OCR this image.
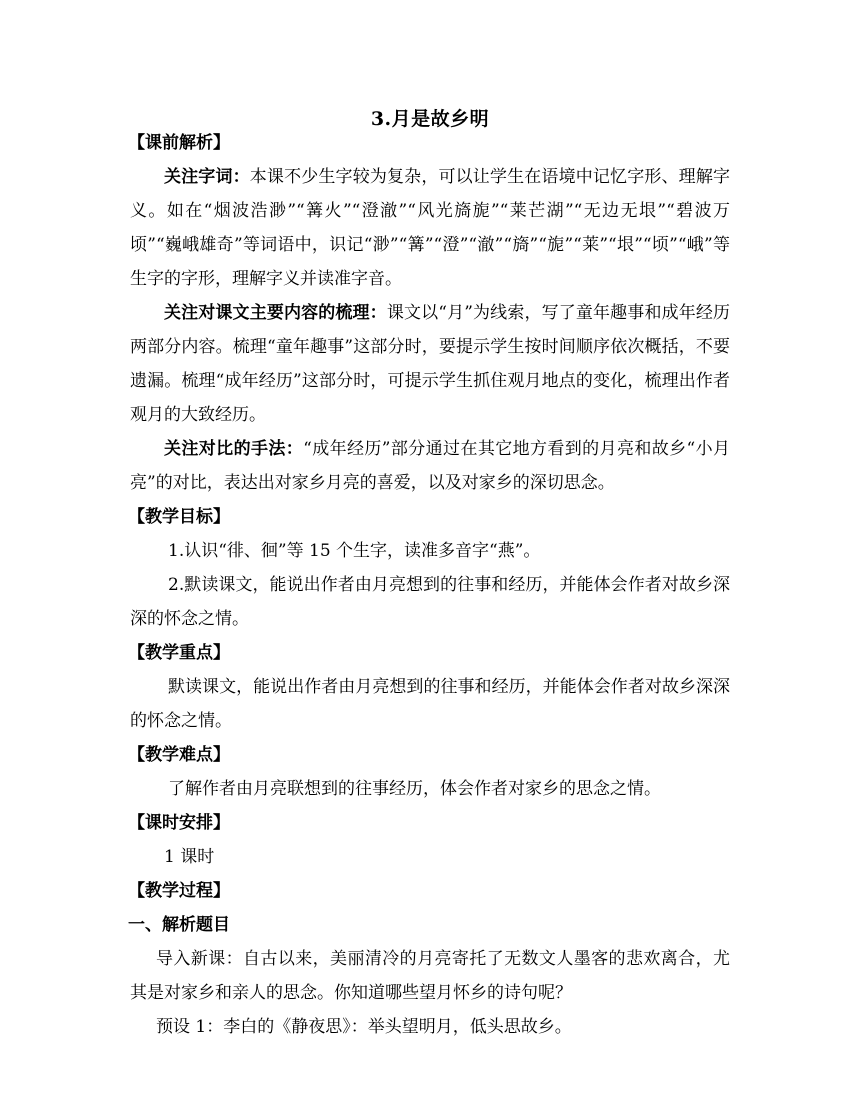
3.月是故乡明

【课前解析】

关注字词：本课不少生字较为复杂，可以让学生在语境中记忆字形、理解字义。如在“烟波浩渺”“篝火”“澄澈”“风光旖旎”“莱芒湖”“无边无垠”“碧波万顷”“巍峨雄奇”等词语中，识记“渺”“篝”“澄”“澈”“旖”“旎”“莱”“垠”“顷”“峨”等生字的字形，理解字义并读准字音。

关注对课文主要内容的梳理：课文以“月”为线索，写了童年趣事和成年经历两部分内容。梳理“童年趣事”这部分时，要提示学生按时间顺序依次概括，不要遗漏。梳理“成年经历”这部分时，可提示学生抓住观月地点的变化，梳理出作者观月的大致经历。

关注对比的手法：“成年经历”部分通过在其它地方看到的月亮和故乡“小月亮”的对比，表达出对家乡月亮的喜爱，以及对家乡的深切思念。

【教学目标】

1.认识“徘、徊”等 15 个生字，读准多音字“燕”。

2.默读课文，能说出作者由月亮想到的往事和经历，并能体会作者对故乡深深的怀念之情。

【教学重点】

默读课文，能说出作者由月亮想到的往事和经历，并能体会作者对故乡深深的怀念之情。

【教学难点】

了解作者由月亮联想到的往事经历，体会作者对家乡的思念之情。

【课时安排】

1 课时

【教学过程】

一、解析题目

导入新课：自古以来，美丽清冷的月亮寄托了无数文人墨客的悲欢离合，尤其是对家乡和亲人的思念。你知道哪些望月怀乡的诗句呢？

预设 1：李白的《静夜思》：举头望明月，低头思故乡。
